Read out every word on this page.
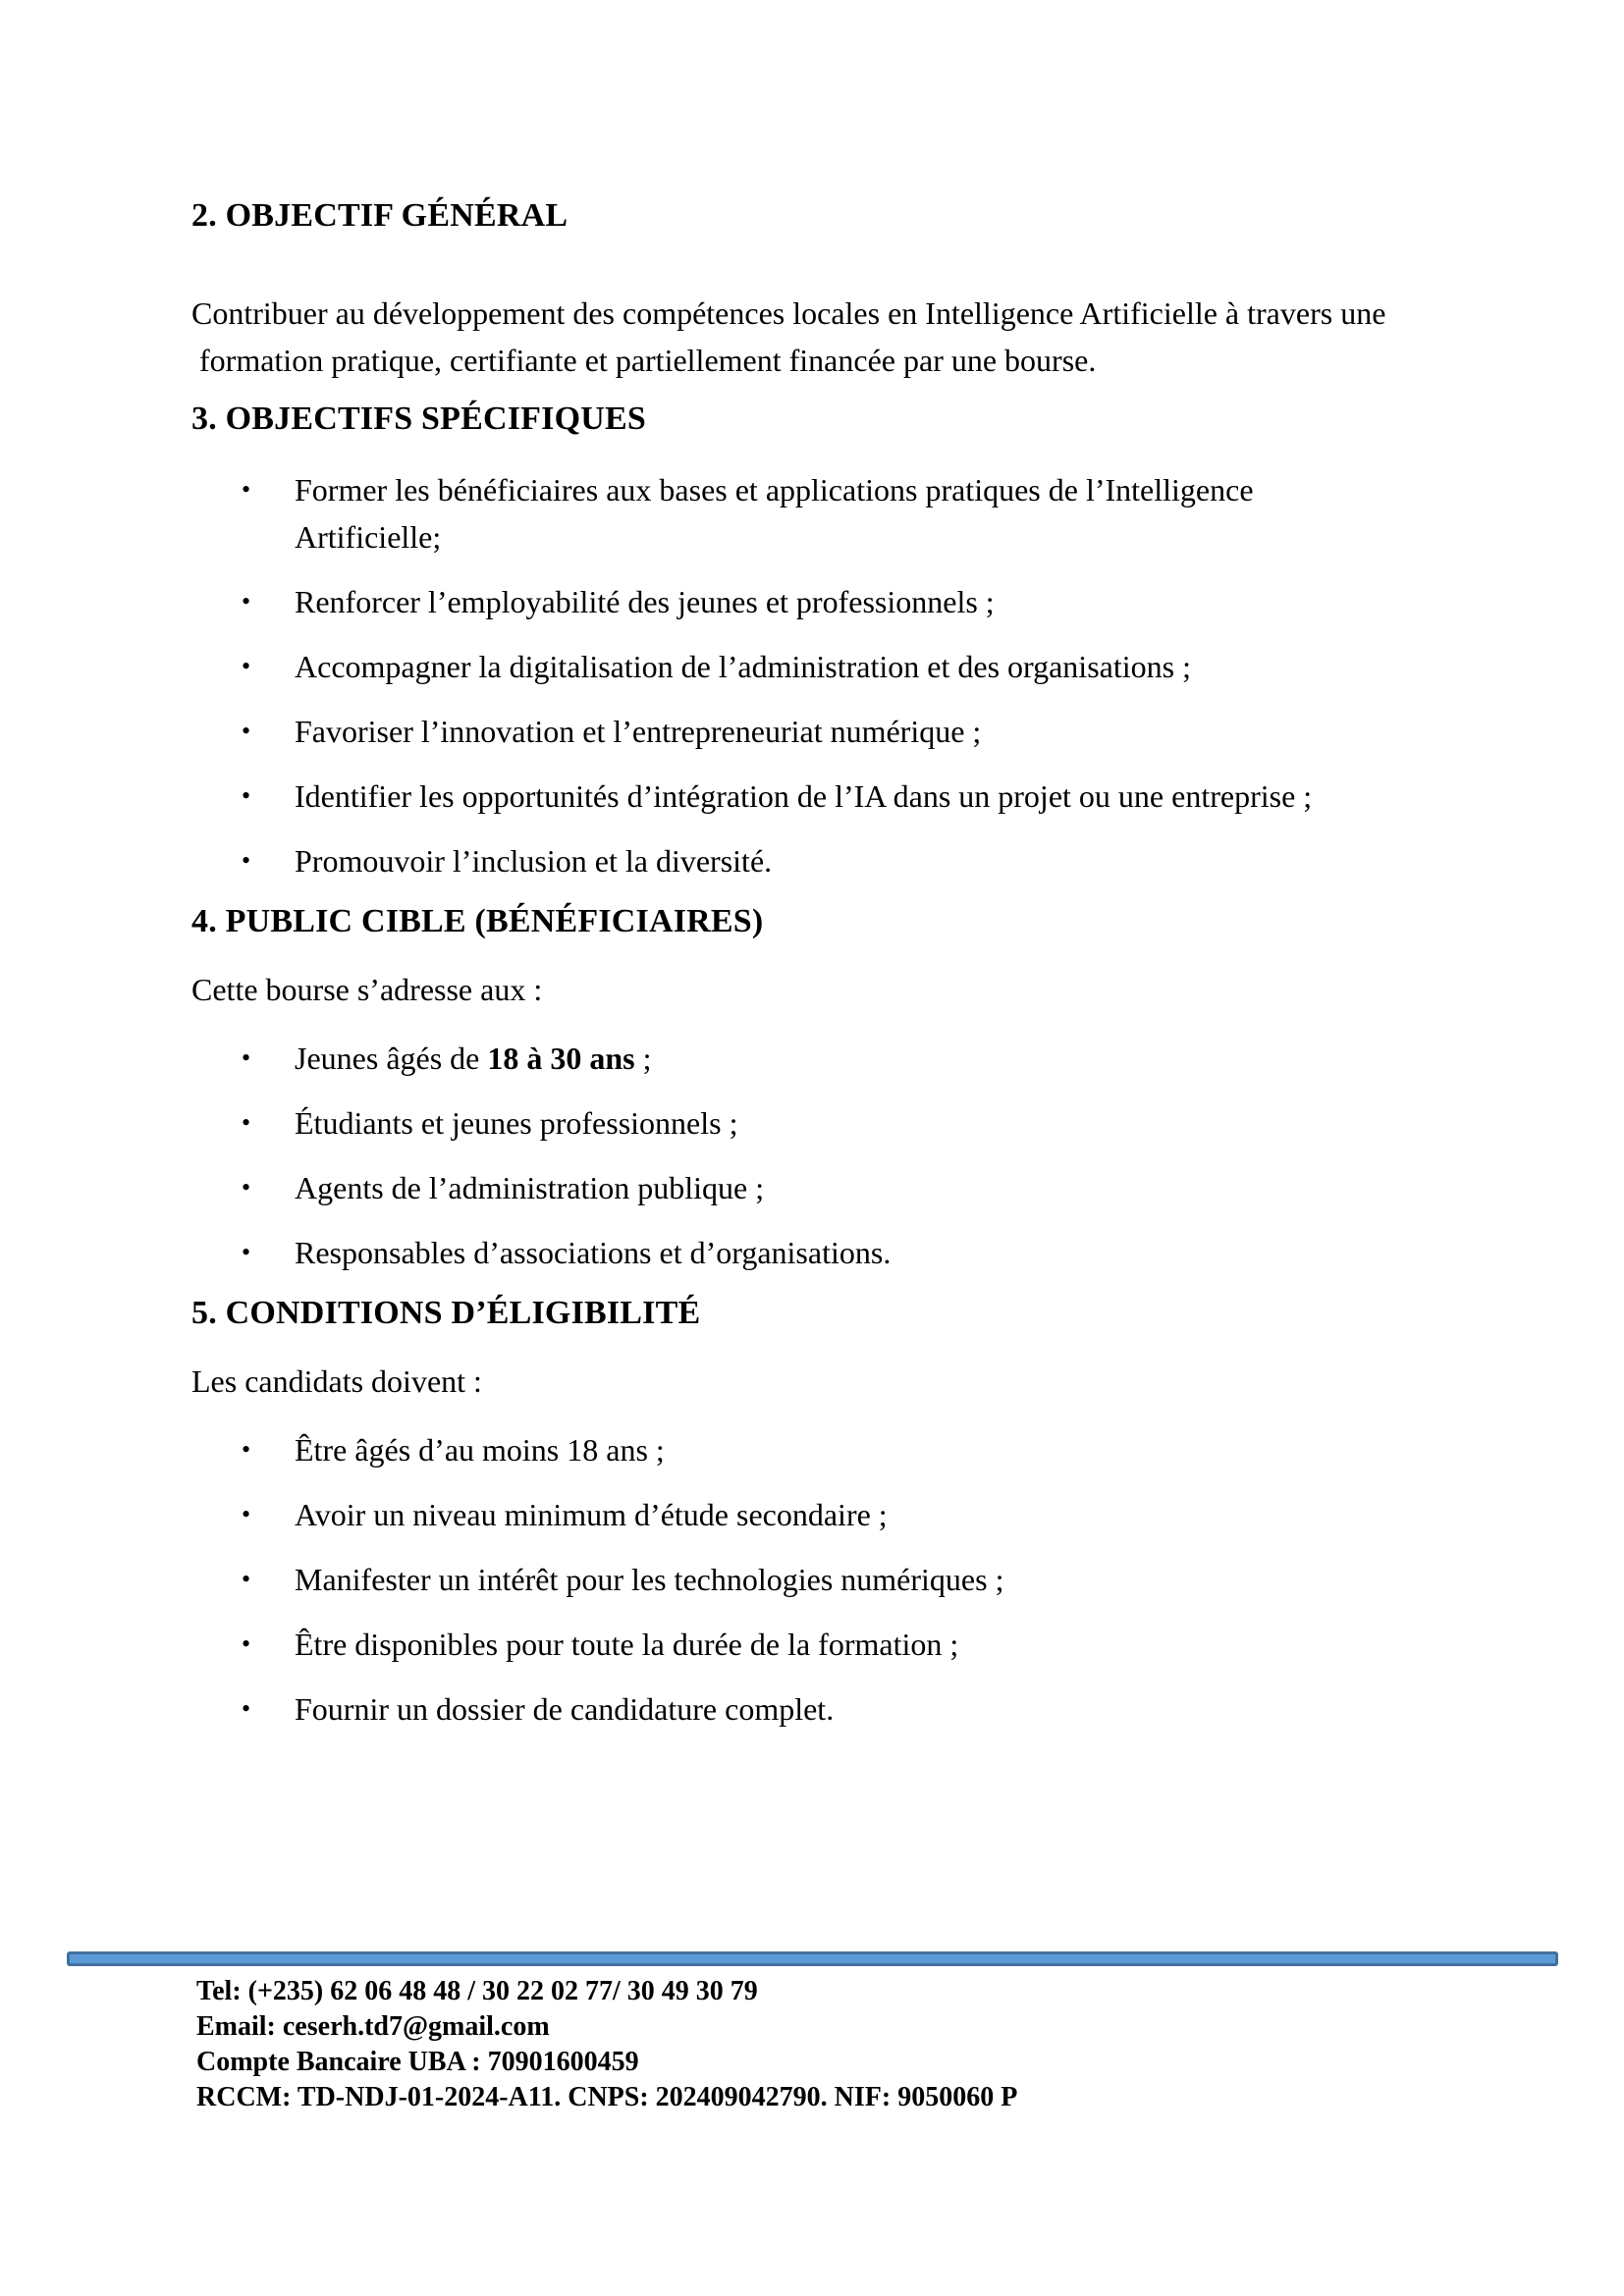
2. OBJECTIF GÉNÉRAL

Contribuer au développement des compétences locales en Intelligence Artificielle à travers une
formation pratique, certifiante et partiellement financée par une bourse.

3. OBJECTIFS SPÉCIFIQUES
•	Former les bénéficiaires aux bases et applications pratiques de l’Intelligence
Artificielle;
•	Renforcer l’employabilité des jeunes et professionnels ;
•	Accompagner la digitalisation de l’administration et des organisations ;
•	Favoriser l’innovation et l’entrepreneuriat numérique ;
•	Identifier les opportunités d’intégration de l’IA dans un projet ou une entreprise ;
•	Promouvoir l’inclusion et la diversité.
4. PUBLIC CIBLE (BÉNÉFICIAIRES)

Cette bourse s’adresse aux :

•	Jeunes âgés de 18 à 30 ans ;
•	Étudiants et jeunes professionnels ;
•	Agents de l’administration publique ;
•	Responsables d’associations et d’organisations.
5. CONDITIONS D’ÉLIGIBILITÉ

Les candidats doivent :

•	Être âgés d’au moins 18 ans ;
•	Avoir un niveau minimum d’étude secondaire ;
•	Manifester un intérêt pour les technologies numériques ;
•	Être disponibles pour toute la durée de la formation ;
•	Fournir un dossier de candidature complet.
Tel: (+235) 62 06 48 48 / 30 22 02 77/ 30 49 30 79
Email: ceserh.td7@gmail.com
Compte Bancaire UBA : 70901600459
RCCM: TD-NDJ-01-2024-A11. CNPS: 202409042790. NIF: 9050060 P
